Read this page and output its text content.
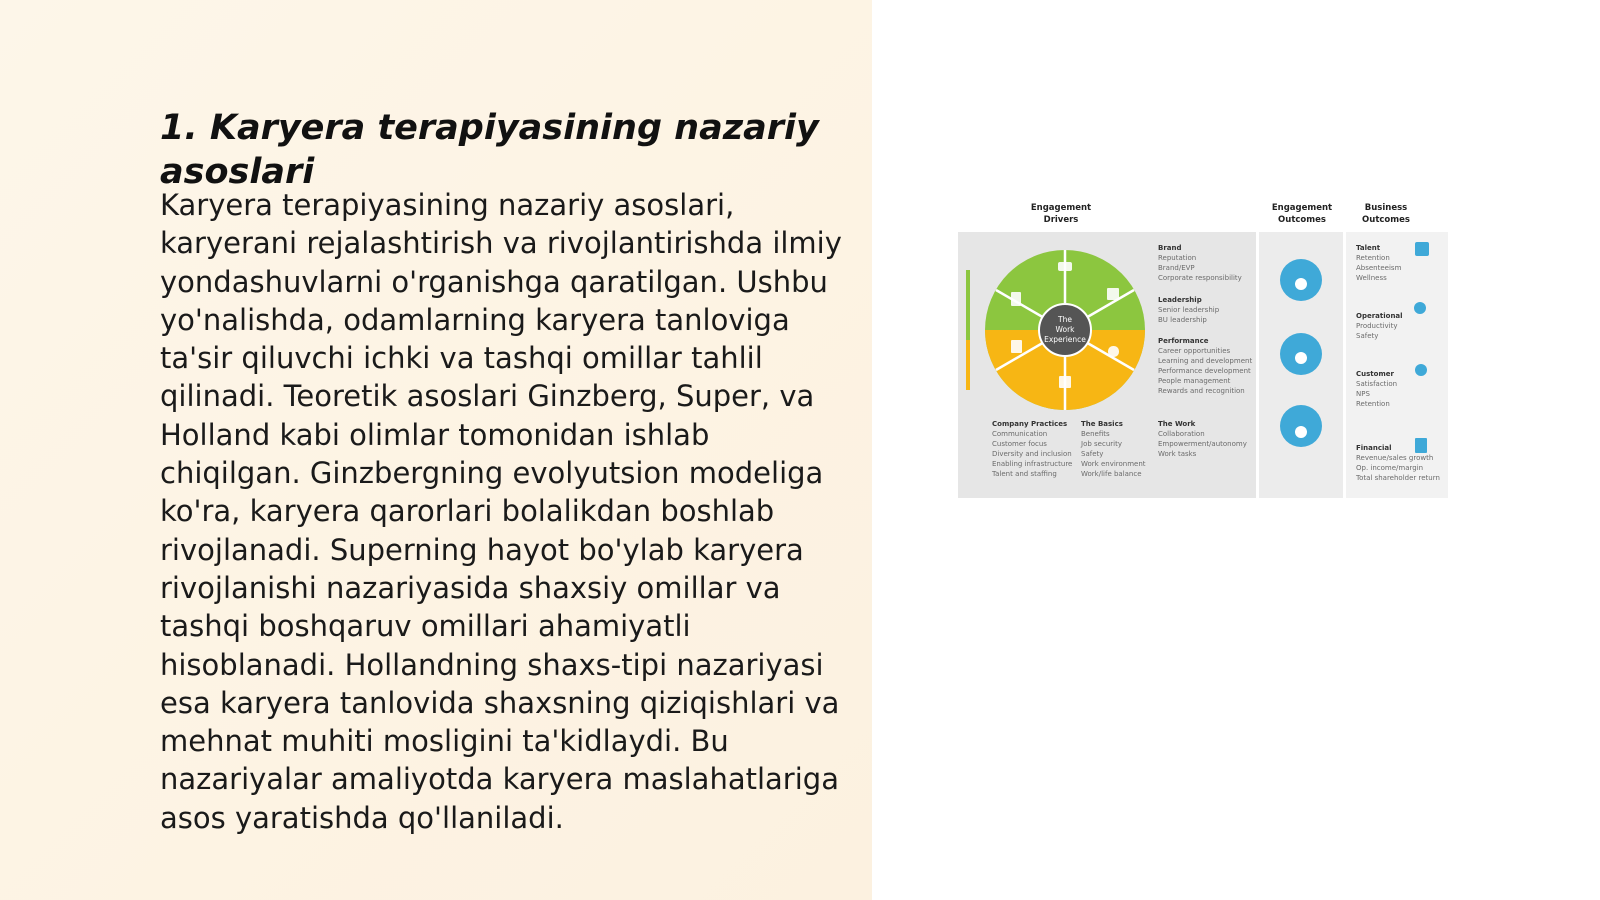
1. Karyera terapiyasining nazariy asoslari

Karyera terapiyasining nazariy asoslari, karyerani rejalashtirish va rivojlantirishda ilmiy yondashuvlarni o'rganishga qaratilgan. Ushbu yo'nalishda, odamlarning karyera tanloviga ta'sir qiluvchi ichki va tashqi omillar tahlil qilinadi. Teoretik asoslari Ginzberg, Super, va Holland kabi olimlar tomonidan ishlab chiqilgan. Ginzbergning evolyutsion modeliga ko'ra, karyera qarorlari bolalikdan boshlab rivojlanadi. Superning hayot bo'ylab karyera rivojlanishi nazariyasida shaxsiy omillar va tashqi boshqaruv omillari ahamiyatli hisoblanadi. Hollandning shaxs-tipi nazariyasi esa karyera tanlovida shaxsning qiziqishlari va mehnat muhiti mosligini ta'kidlaydi. Bu nazariyalar amaliyotda karyera maslahatlariga asos yaratishda qo'llaniladi.

Engagement
Drivers
Engagement
Outcomes
Business
Outcomes
The
Work
Experience
Brand
Reputation
Brand/EVP
Corporate responsibility
Leadership
Senior leadership
BU leadership
Performance
Career opportunities
Learning and development
Performance development
People management
Rewards and recognition
Company Practices
Communication
Customer focus
Diversity and inclusion
Enabling infrastructure
Talent and staffing
The Basics
Benefits
Job security
Safety
Work environment
Work/life balance
The Work
Collaboration
Empowerment/autonomy
Work tasks
Talent
Retention
Absenteeism
Wellness
Operational
Productivity
Safety
Customer
Satisfaction
NPS
Retention
Financial
Revenue/sales growth
Op. income/margin
Total shareholder return
